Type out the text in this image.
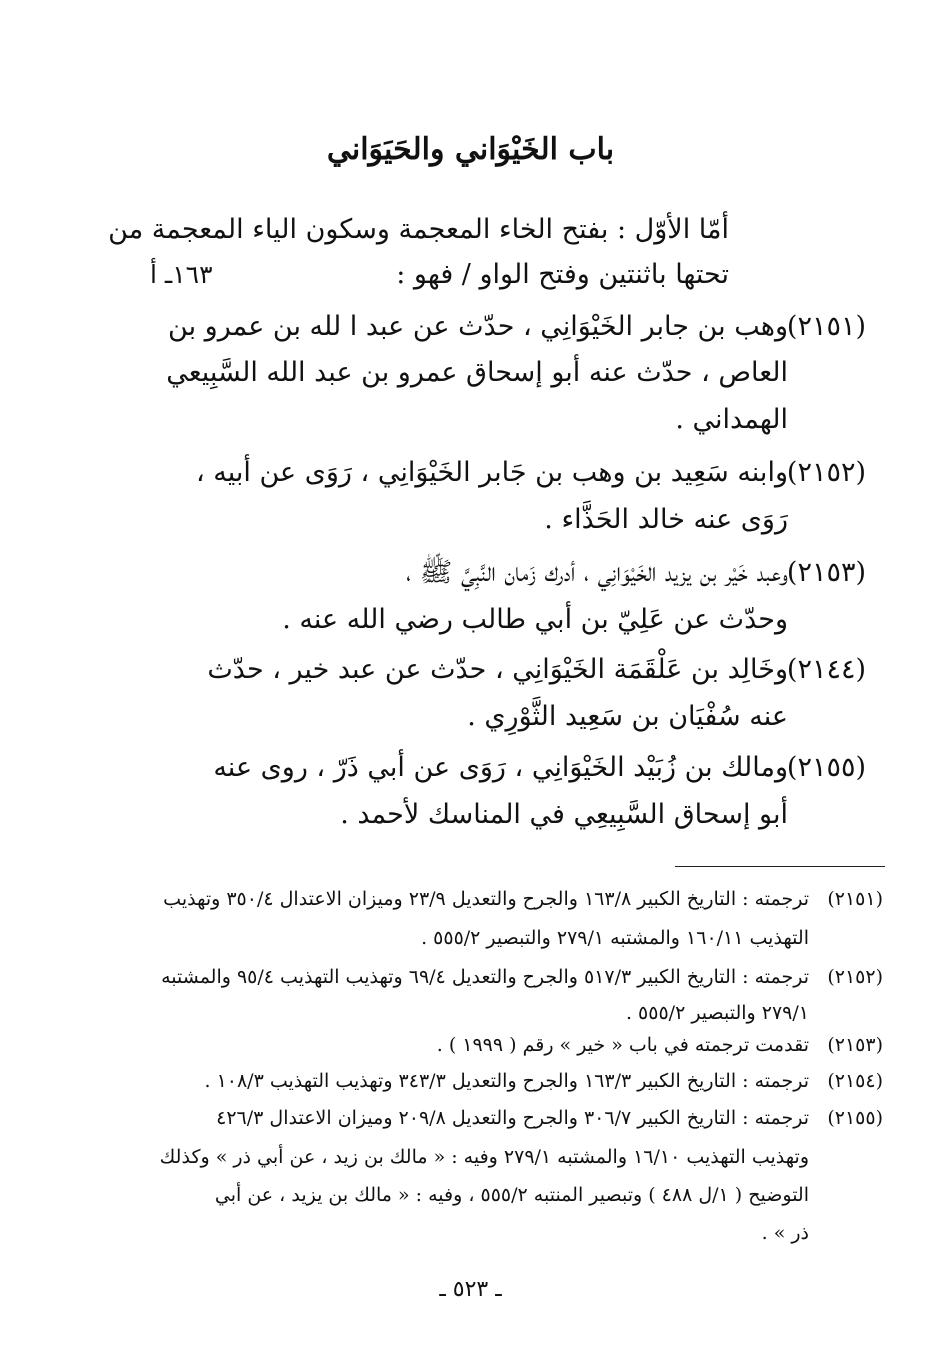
باب الخَيْوَاني والحَيَوَاني
أمّا الأوّل : بفتح الخاء المعجمة وسكون الياء المعجمة من
تحتها باثنتين وفتح الواو / فهو :
١٦٣ـ أ
(٢١٥١)
وهب بن جابر الخَيْوَانِي ، حدّث عن عبد ا لله بن عمرو بن
العاص ، حدّث عنه أبو إسحاق عمرو بن عبد الله السَّبِيعي
الهمداني .
(٢١٥٢)
وابنه سَعِيد بن وهب بن جَابر الخَيْوَانِي ، رَوَى عن أبيه ،
رَوَى عنه خالد الحَذَّاء .
(٢١٥٣)
وعبد خَيْر بن يزيد الخَيْوَانِي ، أدرك زَمان النَّبِيَّ ﷺ ،
وحدّث عن عَلِيّ بن أبي طالب رضي الله عنه .
(٢١٤٤)
وخَالِد بن عَلْقَمَة الخَيْوَانِي ، حدّث عن عبد خير ، حدّث
عنه سُفْيَان بن سَعِيد الثَّوْرِي .
(٢١٥٥)
ومالك بن زُبَيْد الخَيْوَانِي ، رَوَى عن أبي ذَرّ ، روى عنه
أبو إسحاق السَّبِيعِي في المناسك لأحمد .
(٢١٥١)
ترجمته : التاريخ الكبير ١٦٣/٨ والجرح والتعديل ٢٣/٩ وميزان الاعتدال ٣٥٠/٤ وتهذيب
التهذيب ١٦٠/١١ والمشتبه ٢٧٩/١ والتبصير ٥٥٥/٢ .
(٢١٥٢)
ترجمته : التاريخ الكبير ٥١٧/٣ والجرح والتعديل ٦٩/٤ وتهذيب التهذيب ٩٥/٤ والمشتبه
٢٧٩/١ والتبصير ٥٥٥/٢ .
(٢١٥٣)
تقدمت ترجمته في باب « خير » رقم ( ١٩٩٩ ) .
(٢١٥٤)
ترجمته : التاريخ الكبير ١٦٣/٣ والجرح والتعديل ٣٤٣/٣ وتهذيب التهذيب ١٠٨/٣ .
(٢١٥٥)
ترجمته : التاريخ الكبير ٣٠٦/٧ والجرح والتعديل ٢٠٩/٨ وميزان الاعتدال ٤٢٦/٣
وتهذيب التهذيب ١٦/١٠ والمشتبه ٢٧٩/١ وفيه : « مالك بن زيد ، عن أبي ذر » وكذلك
التوضيح ( ١/ل ٤٨٨ ) وتبصير المنتبه ٥٥٥/٢ ، وفيه : « مالك بن يزيد ، عن أبي
ذر » .
ـ ٥٢٣ ـ
